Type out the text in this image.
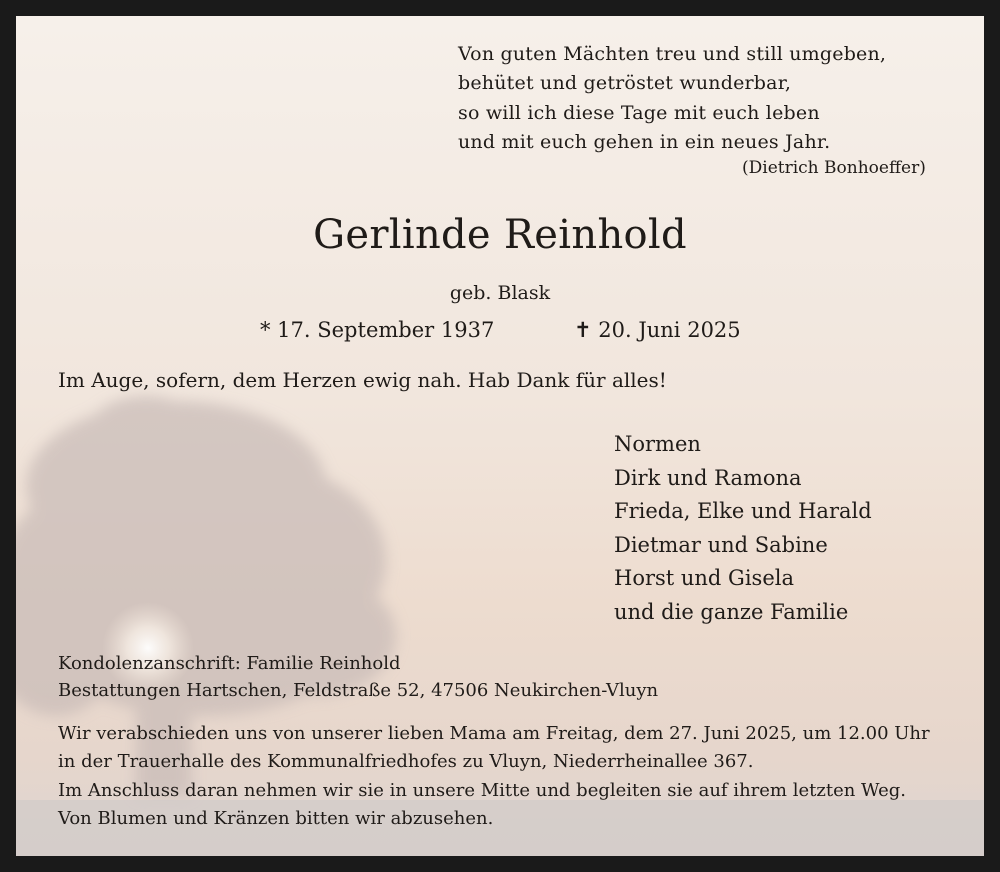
Von guten Mächten treu und still umgeben,
behütet und getröstet wunderbar,
so will ich diese Tage mit euch leben
und mit euch gehen in ein neues Jahr.
(Dietrich Bonhoeffer)
Gerlinde Reinhold
geb. Blask
* 17. September 1937	✝ 20. Juni 2025
Im Auge, sofern, dem Herzen ewig nah. Hab Dank für alles!
Normen
Dirk und Ramona
Frieda, Elke und Harald
Dietmar und Sabine
Horst und Gisela
und die ganze Familie
Kondolenzanschrift: Familie Reinhold
Bestattungen Hartschen, Feldstraße 52, 47506 Neukirchen-Vluyn
Wir verabschieden uns von unserer lieben Mama am Freitag, dem 27. Juni 2025, um 12.00 Uhr
in der Trauerhalle des Kommunalfriedhofes zu Vluyn, Niederrheinallee 367.
Im Anschluss daran nehmen wir sie in unsere Mitte und begleiten sie auf ihrem letzten Weg.
Von Blumen und Kränzen bitten wir abzusehen.
